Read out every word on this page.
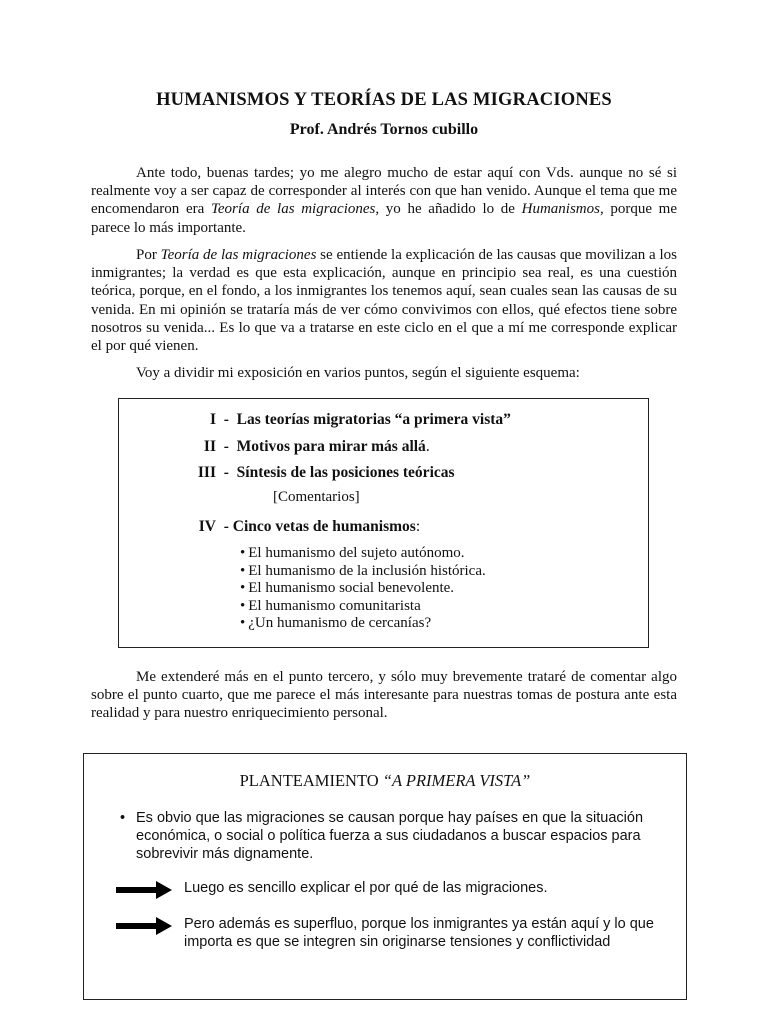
HUMANISMOS Y TEORÍAS DE LAS MIGRACIONES
Prof. Andrés Tornos cubillo

Ante todo, buenas tardes; yo me alegro mucho de estar aquí con Vds. aunque no sé si realmente voy a ser capaz de corresponder al interés con que han venido. Aunque el tema que me encomendaron era Teoría de las migraciones, yo he añadido lo de Humanismos, porque me parece lo más importante.

Por Teoría de las migraciones se entiende la explicación de las causas que movilizan a los inmigrantes; la verdad es que esta explicación, aunque en principio sea real, es una cuestión teórica, porque, en el fondo, a los inmigrantes los tenemos aquí, sean cuales sean las causas de su venida. En mi opinión se trataría más de ver cómo convivimos con ellos, qué efectos tiene sobre nosotros su venida... Es lo que va a tratarse en este ciclo en el que a mí me corresponde explicar el por qué vienen.

Voy a dividir mi exposición en varios puntos, según el siguiente esquema:

I  -  Las teorías migratorias “a primera vista”
II  -  Motivos para mirar más allá.
III  -  Síntesis de las posiciones teóricas
[Comentarios]
IV  - Cinco vetas de humanismos:
• El humanismo del sujeto autónomo.
• El humanismo de la inclusión histórica.
• El humanismo social benevolente.
• El humanismo comunitarista
• ¿Un humanismo de cercanías?

Me extenderé más en el punto tercero, y sólo muy brevemente trataré de comentar algo sobre el punto cuarto, que me parece el más interesante para nuestras tomas de postura ante esta realidad y para nuestro enriquecimiento personal.

PLANTEAMIENTO “A PRIMERA VISTA”
• Es obvio que las migraciones se causan porque hay países en que la situación económica, o social o política fuerza a sus ciudadanos a buscar espacios para sobrevivir más dignamente.
Luego es sencillo explicar el por qué de las migraciones.
Pero además es superfluo, porque los inmigrantes ya están aquí y lo que importa es que se integren sin originarse tensiones y conflictividad
